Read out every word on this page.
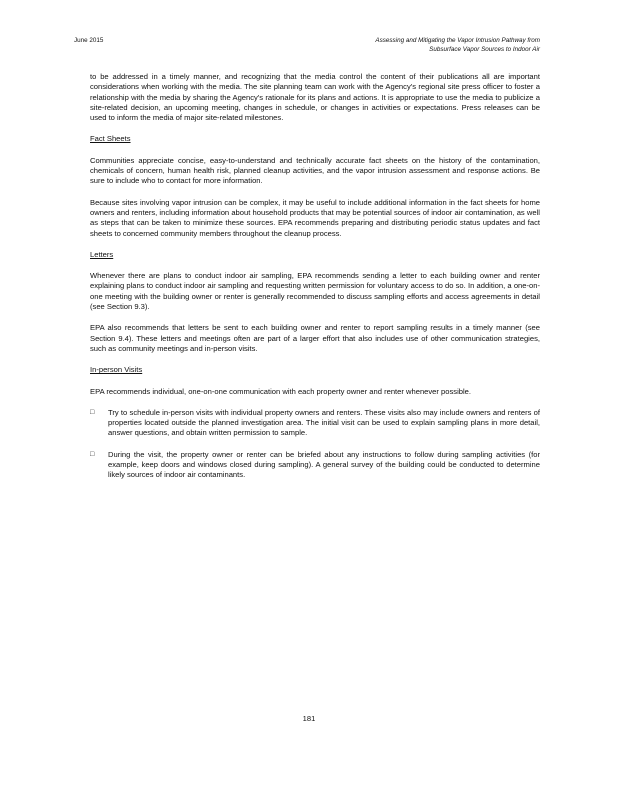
June 2015	Assessing and Mitigating the Vapor Intrusion Pathway from
Subsurface Vapor Sources to Indoor Air

to be addressed in a timely manner, and recognizing that the media control the content of their publications all are important considerations when working with the media. The site planning team can work with the Agency's regional site press officer to foster a relationship with the media by sharing the Agency's rationale for its plans and actions. It is appropriate to use the media to publicize a site-related decision, an upcoming meeting, changes in schedule, or changes in activities or expectations. Press releases can be used to inform the media of major site-related milestones.

Fact Sheets

Communities appreciate concise, easy-to-understand and technically accurate fact sheets on the history of the contamination, chemicals of concern, human health risk, planned cleanup activities, and the vapor intrusion assessment and response actions. Be sure to include who to contact for more information.

Because sites involving vapor intrusion can be complex, it may be useful to include additional information in the fact sheets for home owners and renters, including information about household products that may be potential sources of indoor air contamination, as well as steps that can be taken to minimize these sources. EPA recommends preparing and distributing periodic status updates and fact sheets to concerned community members throughout the cleanup process.

Letters

Whenever there are plans to conduct indoor air sampling, EPA recommends sending a letter to each building owner and renter explaining plans to conduct indoor air sampling and requesting written permission for voluntary access to do so. In addition, a one-on-one meeting with the building owner or renter is generally recommended to discuss sampling efforts and access agreements in detail (see Section 9.3).

EPA also recommends that letters be sent to each building owner and renter to report sampling results in a timely manner (see Section 9.4). These letters and meetings often are part of a larger effort that also includes use of other communication strategies, such as community meetings and in-person visits.

In-person Visits

EPA recommends individual, one-on-one communication with each property owner and renter whenever possible.

□ Try to schedule in-person visits with individual property owners and renters. These visits also may include owners and renters of properties located outside the planned investigation area. The initial visit can be used to explain sampling plans in more detail, answer questions, and obtain written permission to sample.
□ During the visit, the property owner or renter can be briefed about any instructions to follow during sampling activities (for example, keep doors and windows closed during sampling). A general survey of the building could be conducted to determine likely sources of indoor air contaminants.
181
